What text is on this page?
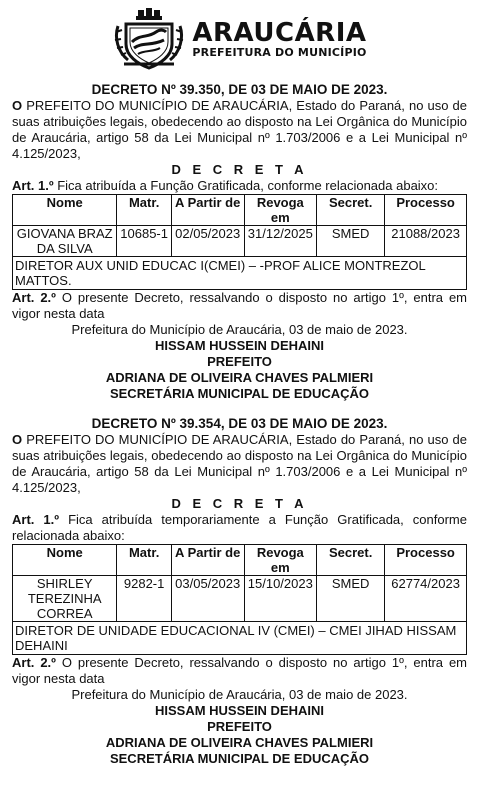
ARAUCÁRIA
PREFEITURA DO MUNICÍPIO
DECRETO Nº 39.350, DE 03 DE MAIO DE 2023.
O PREFEITO DO MUNICÍPIO DE ARAUCÁRIA, Estado do Paraná, no uso de suas atribuições legais, obedecendo ao disposto na Lei Orgânica do Município de Araucária, artigo 58 da Lei Municipal nº 1.703/2006 e a Lei Municipal nº 4.125/2023,
D E C R E T A
Art. 1.º Fica atribuída a Função Gratificada, conforme relacionada abaixo:
Nome	Matr.	A Partir de	Revoga em	Secret.	Processo
GIOVANA BRAZ DA SILVA	10685-1	02/05/2023	31/12/2025	SMED	21088/2023
DIRETOR AUX UNID EDUCAC I(CMEI) – -PROF ALICE MONTREZOL MATTOS.					
Art. 2.º O presente Decreto, ressalvando o disposto no artigo 1º, entra em vigor nesta data
Prefeitura do Município de Araucária, 03 de maio de 2023.
HISSAM HUSSEIN DEHAINI
PREFEITO
ADRIANA DE OLIVEIRA CHAVES PALMIERI
SECRETÁRIA MUNICIPAL DE EDUCAÇÃO
DECRETO Nº 39.354, DE 03 DE MAIO DE 2023.
O PREFEITO DO MUNICÍPIO DE ARAUCÁRIA, Estado do Paraná, no uso de suas atribuições legais, obedecendo ao disposto na Lei Orgânica do Município de Araucária, artigo 58 da Lei Municipal nº 1.703/2006 e a Lei Municipal nº 4.125/2023,
D E C R E T A
Art. 1.º Fica atribuída temporariamente a Função Gratificada, conforme relacionada abaixo:
Nome	Matr.	A Partir de	Revoga em	Secret.	Processo
SHIRLEY TEREZINHA CORREA	9282-1	03/05/2023	15/10/2023	SMED	62774/2023
DIRETOR DE UNIDADE EDUCACIONAL IV (CMEI) – CMEI JIHAD HISSAM DEHAINI					
Art. 2.º O presente Decreto, ressalvando o disposto no artigo 1º, entra em vigor nesta data
Prefeitura do Município de Araucária, 03 de maio de 2023.
HISSAM HUSSEIN DEHAINI
PREFEITO
ADRIANA DE OLIVEIRA CHAVES PALMIERI
SECRETÁRIA MUNICIPAL DE EDUCAÇÃO
